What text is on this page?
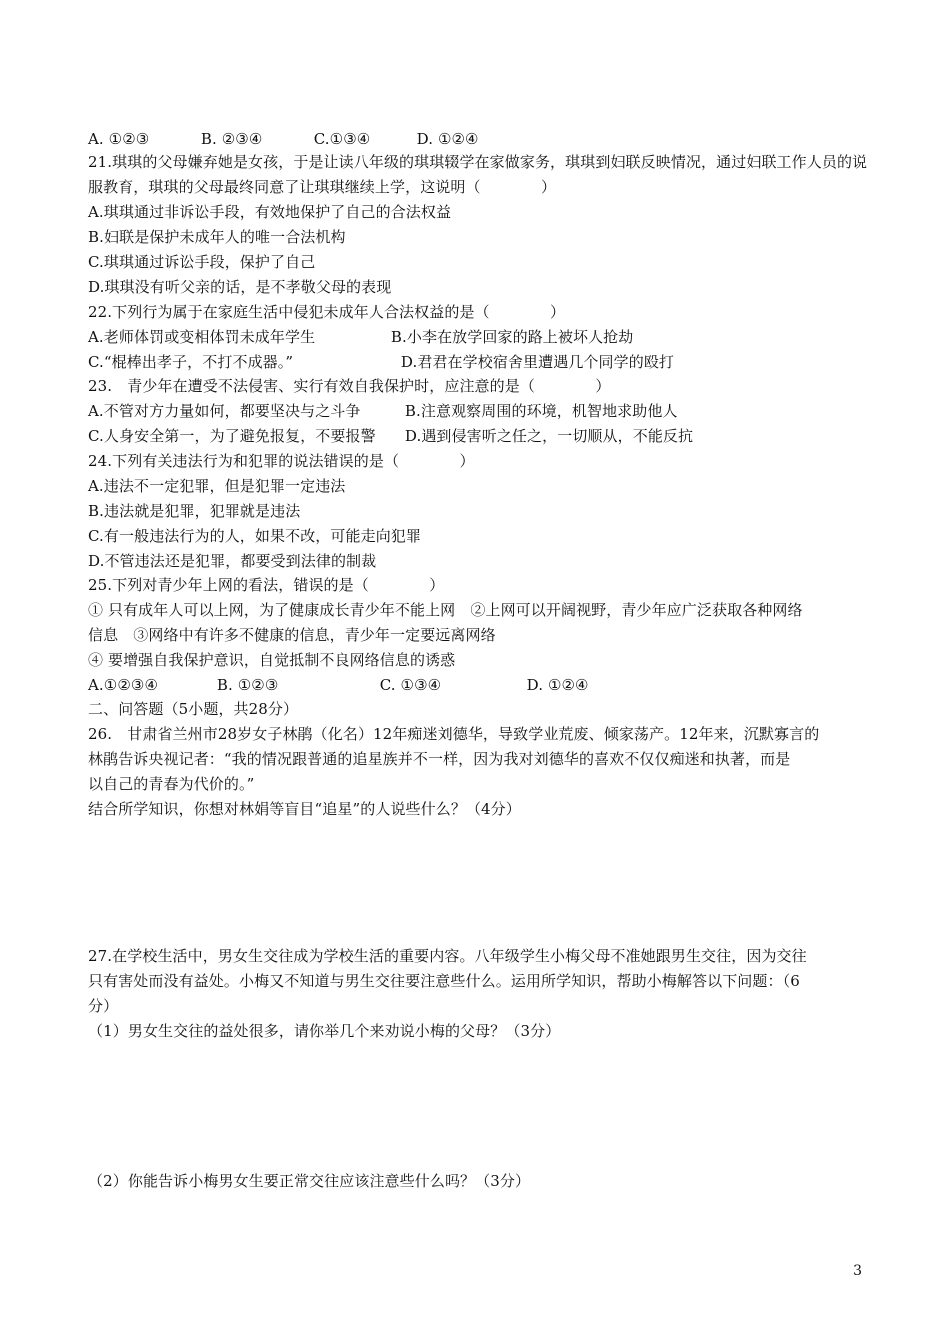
A. ①②③	B. ②③④	C.①③④	D. ①②④
21.琪琪的父母嫌弃她是女孩，于是让读八年级的琪琪辍学在家做家务，琪琪到妇联反映情况，通过妇联工作人员的说服教育，琪琪的父母最终同意了让琪琪继续上学，这说明（　　　　）
A.琪琪通过非诉讼手段，有效地保护了自己的合法权益
B.妇联是保护未成年人的唯一合法机构
C.琪琪通过诉讼手段，保护了自己
D.琪琪没有听父亲的话，是不孝敬父母的表现
22.下列行为属于在家庭生活中侵犯未成年人合法权益的是（　　　　）
A.老师体罚或变相体罚未成年学生	B.小李在放学回家的路上被坏人抢劫
C.“棍棒出孝子，不打不成器。”	D.君君在学校宿舍里遭遇几个同学的殴打
23.　青少年在遭受不法侵害、实行有效自我保护时，应注意的是（　　　　）
A.不管对方力量如何，都要坚决与之斗争	B.注意观察周围的环境，机智地求助他人
C.人身安全第一，为了避免报复，不要报警 D.遇到侵害听之任之，一切顺从，不能反抗
24.下列有关违法行为和犯罪的说法错误的是（　　　　）
A.违法不一定犯罪，但是犯罪一定违法
B.违法就是犯罪，犯罪就是违法
C.有一般违法行为的人，如果不改，可能走向犯罪
D.不管违法还是犯罪，都要受到法律的制裁
25.下列对青少年上网的看法，错误的是（　　　　）
① 只有成年人可以上网，为了健康成长青少年不能上网　②上网可以开阔视野，青少年应广泛获取各种网络
信息　③网络中有许多不健康的信息，青少年一定要远离网络
④ 要增强自我保护意识，自觉抵制不良网络信息的诱惑
A.①②③④	B. ①②③	C. ①③④	D. ①②④
二、问答题（5小题，共28分）
26.　甘肃省兰州市28岁女子林鹃（化名）12年痴迷刘德华，导致学业荒废、倾家荡产。12年来，沉默寡言的
林鹃告诉央视记者：“我的情况跟普通的追星族并不一样，因为我对刘德华的喜欢不仅仅痴迷和执著，而是
以自己的青春为代价的。”
结合所学知识，你想对林娟等盲目“追星”的人说些什么？（4分）
27.在学校生活中，男女生交往成为学校生活的重要内容。八年级学生小梅父母不准她跟男生交往，因为交往
只有害处而没有益处。小梅又不知道与男生交往要注意些什么。运用所学知识，帮助小梅解答以下问题：（6
分）
（1）男女生交往的益处很多，请你举几个来劝说小梅的父母？（3分）
（2）你能告诉小梅男女生要正常交往应该注意些什么吗？（3分）
3
